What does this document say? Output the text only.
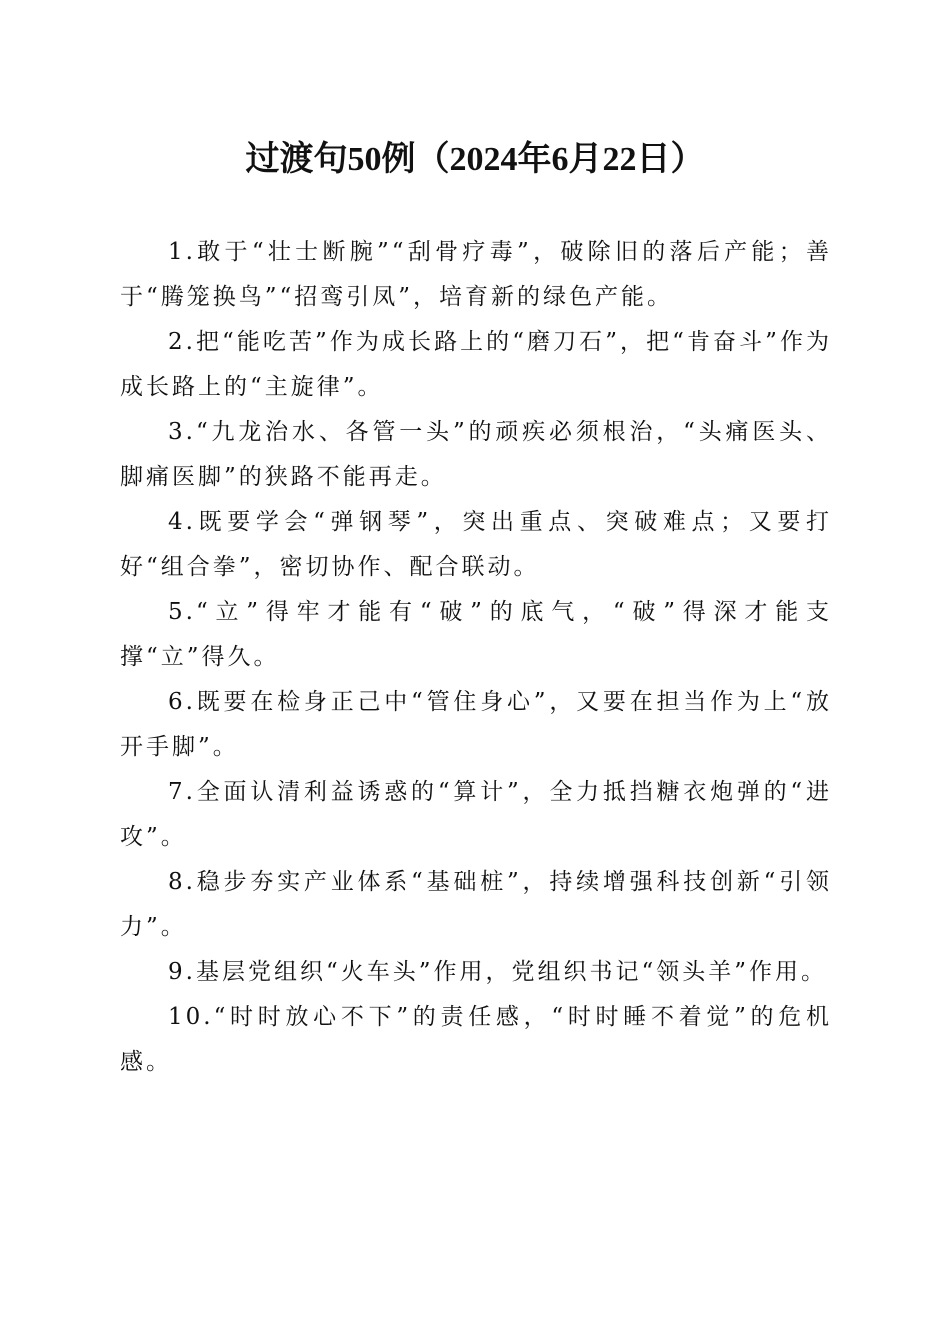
过渡句50例（2024年6月22日）

1.敢于“壮士断腕”“刮骨疗毒”，破除旧的落后产能；善于“腾笼换鸟”“招鸾引凤”，培育新的绿色产能。

2.把“能吃苦”作为成长路上的“磨刀石”，把“肯奋斗”作为成长路上的“主旋律”。

3.“九龙治水、各管一头”的顽疾必须根治，“头痛医头、脚痛医脚”的狭路不能再走。

4.既要学会“弹钢琴”，突出重点、突破难点；又要打好“组合拳”，密切协作、配合联动。

5.“立”得牢才能有“破”的底气，“破”得深才能支撑“立”得久。

6.既要在检身正己中“管住身心”，又要在担当作为上“放开手脚”。

7.全面认清利益诱惑的“算计”，全力抵挡糖衣炮弹的“进攻”。

8.稳步夯实产业体系“基础桩”，持续增强科技创新“引领力”。

9.基层党组织“火车头”作用，党组织书记“领头羊”作用。

10.“时时放心不下”的责任感，“时时睡不着觉”的危机感。
